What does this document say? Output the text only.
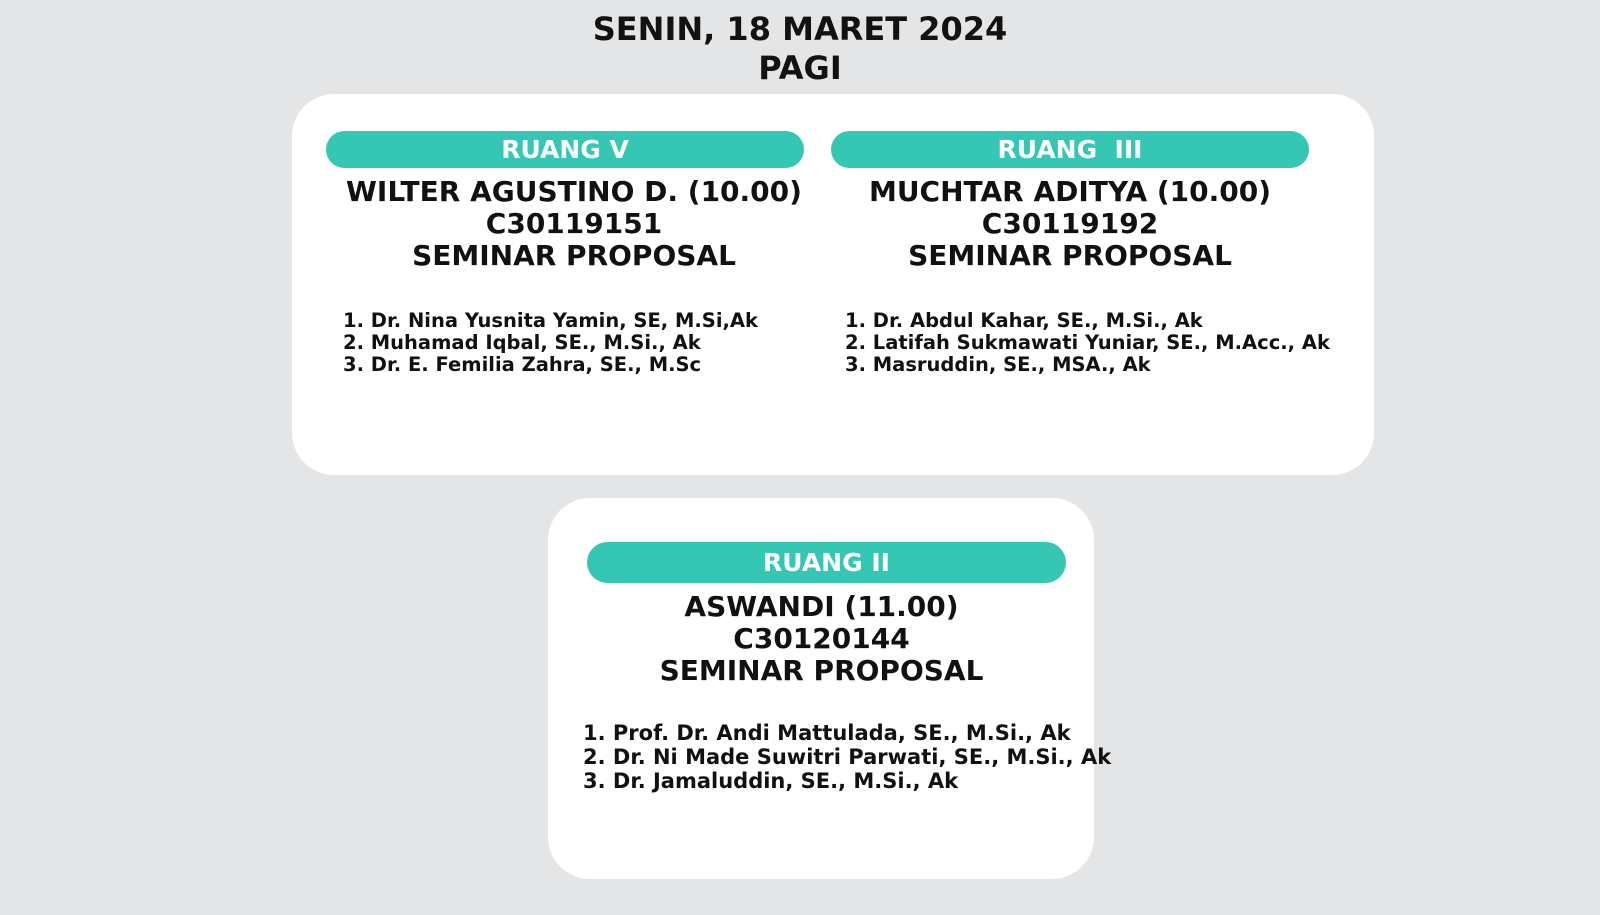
SENIN, 18 MARET 2024
PAGI
RUANG V
WILTER AGUSTINO D. (10.00)
C30119151
SEMINAR PROPOSAL
1. Dr. Nina Yusnita Yamin, SE, M.Si,Ak
2. Muhamad Iqbal, SE., M.Si., Ak
3. Dr. E. Femilia Zahra, SE., M.Sc
RUANG  III
MUCHTAR ADITYA (10.00)
C30119192
SEMINAR PROPOSAL
1. Dr. Abdul Kahar, SE., M.Si., Ak
2. Latifah Sukmawati Yuniar, SE., M.Acc., Ak
3. Masruddin, SE., MSA., Ak
RUANG II
ASWANDI (11.00)
C30120144
SEMINAR PROPOSAL
1. Prof. Dr. Andi Mattulada, SE., M.Si., Ak
2. Dr. Ni Made Suwitri Parwati, SE., M.Si., Ak
3. Dr. Jamaluddin, SE., M.Si., Ak
